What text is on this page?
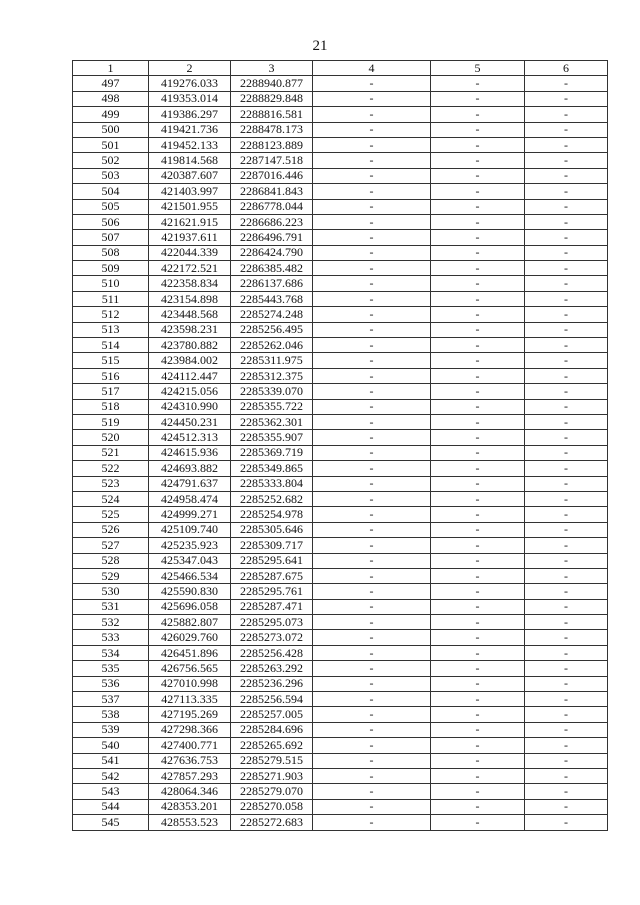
21
1	2	3	4	5	6
497	419276.033	2288940.877	-	-	-
498	419353.014	2288829.848	-	-	-
499	419386.297	2288816.581	-	-	-
500	419421.736	2288478.173	-	-	-
501	419452.133	2288123.889	-	-	-
502	419814.568	2287147.518	-	-	-
503	420387.607	2287016.446	-	-	-
504	421403.997	2286841.843	-	-	-
505	421501.955	2286778.044	-	-	-
506	421621.915	2286686.223	-	-	-
507	421937.611	2286496.791	-	-	-
508	422044.339	2286424.790	-	-	-
509	422172.521	2286385.482	-	-	-
510	422358.834	2286137.686	-	-	-
511	423154.898	2285443.768	-	-	-
512	423448.568	2285274.248	-	-	-
513	423598.231	2285256.495	-	-	-
514	423780.882	2285262.046	-	-	-
515	423984.002	2285311.975	-	-	-
516	424112.447	2285312.375	-	-	-
517	424215.056	2285339.070	-	-	-
518	424310.990	2285355.722	-	-	-
519	424450.231	2285362.301	-	-	-
520	424512.313	2285355.907	-	-	-
521	424615.936	2285369.719	-	-	-
522	424693.882	2285349.865	-	-	-
523	424791.637	2285333.804	-	-	-
524	424958.474	2285252.682	-	-	-
525	424999.271	2285254.978	-	-	-
526	425109.740	2285305.646	-	-	-
527	425235.923	2285309.717	-	-	-
528	425347.043	2285295.641	-	-	-
529	425466.534	2285287.675	-	-	-
530	425590.830	2285295.761	-	-	-
531	425696.058	2285287.471	-	-	-
532	425882.807	2285295.073	-	-	-
533	426029.760	2285273.072	-	-	-
534	426451.896	2285256.428	-	-	-
535	426756.565	2285263.292	-	-	-
536	427010.998	2285236.296	-	-	-
537	427113.335	2285256.594	-	-	-
538	427195.269	2285257.005	-	-	-
539	427298.366	2285284.696	-	-	-
540	427400.771	2285265.692	-	-	-
541	427636.753	2285279.515	-	-	-
542	427857.293	2285271.903	-	-	-
543	428064.346	2285279.070	-	-	-
544	428353.201	2285270.058	-	-	-
545	428553.523	2285272.683	-	-	-
